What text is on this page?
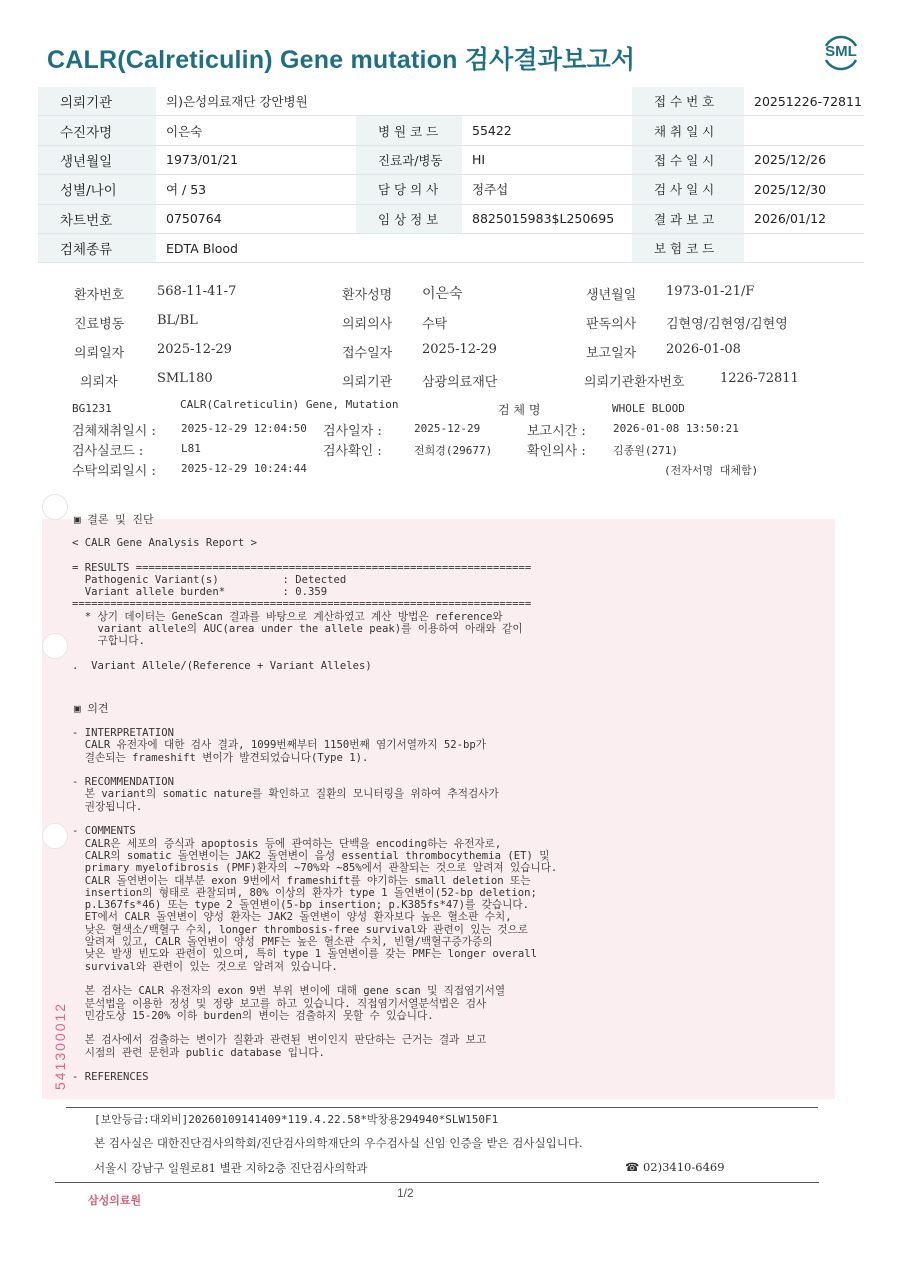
CALR(Calreticulin) Gene mutation 검사결과보고서	SML
의뢰기관	의)은성의료재단 강안병원			접 수 번 호	20251226-72811
수진자명	이은숙	병 원 코 드	55422	채 취 일 시	
생년월일	1973/01/21	진료과/병동	HI	접 수 일 시	2025/12/26
성별/나이	여 / 53	담 당 의 사	정주섭	검 사 일 시	2025/12/30
차트번호	0750764	임 상 정 보	8825015983$L250695	결 과 보 고	2026/01/12
검체종류	EDTA Blood			보 험 코 드	
환자번호	568-11-41-7	환자성명 이은숙	생년월일 1973-01-21/F
진료병동	BL/BL	의뢰의사 수탁	판독의사 김현영/김현영/김현영
의뢰일자	2025-12-29	접수일자 2025-12-29	보고일자 2026-01-08
의뢰자	SML180	의뢰기관 삼광의료재단	의뢰기관환자번호	1226-72811
BG1231	CALR(Calreticulin) Gene, Mutation	검 체 명	WHOLE BLOOD
검체채취일시 : 2025-12-29 12:04:50 검사일자 :	2025-12-29	보고시간 : 2026-01-08 13:50:21
검사실코드 :	L81	검사확인 :	전희경(29677)	확인의사 : 김종원(271)
수탁의뢰일시 : 2025-12-29 10:24:44	(전자서명 대체함)
▣ 결론 및 진단
< CALR Gene Analysis Report >

= RESULTS ==============================================================
Pathogenic Variant(s)          : Detected
Variant allele burden*         : 0.359
========================================================================
* 상기 데이터는 GeneScan 결과를 바탕으로 계산하였고 계산 방법은 reference와
variant allele의 AUC(area under the allele peak)를 이용하여 아래와 같이
구합니다.

.  Variant Allele/(Reference + Variant Alleles)
▣ 의견
- INTERPRETATION
CALR 유전자에 대한 검사 결과, 1099번째부터 1150번째 염기서열까지 52-bp가
결손되는 frameshift 변이가 발견되었습니다(Type 1).

- RECOMMENDATION
본 variant의 somatic nature를 확인하고 질환의 모니터링을 위하여 추적검사가
권장됩니다.

- COMMENTS
CALR은 세포의 증식과 apoptosis 등에 관여하는 단백을 encoding하는 유전자로,
CALR의 somatic 돌연변이는 JAK2 돌연변이 음성 essential thrombocythemia (ET) 및
primary myelofibrosis (PMF)환자의 ~70%와 ~85%에서 관찰되는 것으로 알려져 있습니다.
CALR 돌연변이는 대부분 exon 9번에서 frameshift를 야기하는 small deletion 또는
insertion의 형태로 관찰되며, 80% 이상의 환자가 type 1 돌연변이(52-bp deletion;
p.L367fs*46) 또는 type 2 돌연변이(5-bp insertion; p.K385fs*47)를 갖습니다.
ET에서 CALR 돌연변이 양성 환자는 JAK2 돌연변이 양성 환자보다 높은 혈소판 수치,
낮은 혈색소/백혈구 수치, longer thrombosis-free survival와 관련이 있는 것으로
알려져 있고, CALR 돌연변이 양성 PMF는 높은 혈소판 수치, 빈혈/백혈구증가증의
낮은 발생 빈도와 관련이 있으며, 특히 type 1 돌연변이를 갖는 PMF는 longer overall
survival와 관련이 있는 것으로 알려져 있습니다.

본 검사는 CALR 유전자의 exon 9번 부위 변이에 대해 gene scan 및 직접염기서열
분석법을 이용한 정성 및 정량 보고를 하고 있습니다. 직접염기서열분석법은 검사
민감도상 15-20% 이하 burden의 변이는 검출하지 못할 수 있습니다.

본 검사에서 검출하는 변이가 질환과 관련된 변이인지 판단하는 근거는 결과 보고
시점의 관련 문헌과 public database 입니다.

- REFERENCES
541300012
[보안등급:대외비]20260109141409*119.4.22.58*박창용294940*SLW150F1
본 검사실은 대한진단검사의학회/진단검사의학재단의 우수검사실 신임 인증을 받은 검사실입니다.
서울시 강남구 일원로81 별관 지하2층 진단검사의학과	☎ 02)3410-6469
1/2
삼성의료원
